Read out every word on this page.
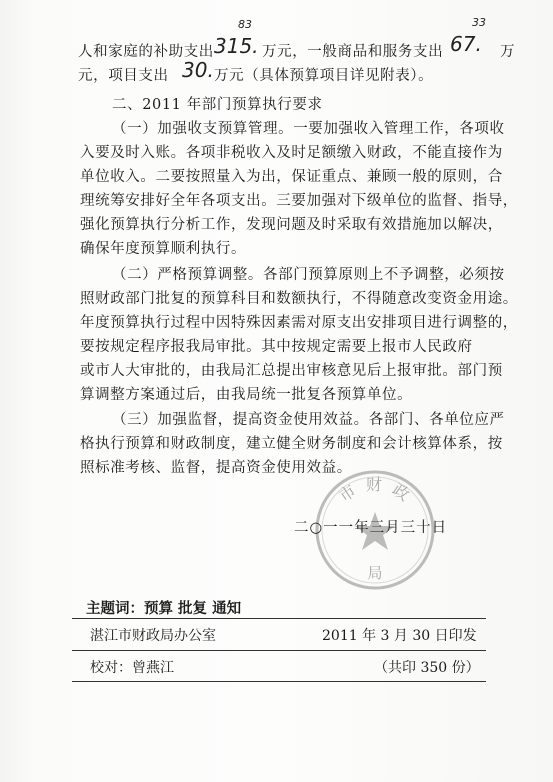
人和家庭的补助支出 315.
83
万元，一般商品和服务支出 67.
33
万
元，项目支出 30. 万元（具体预算项目详见附表）。
二、2011 年部门预算执行要求
（一）加强收支预算管理。一要加强收入管理工作，各项收
入要及时入账。各项非税收入及时足额缴入财政，不能直接作为
单位收入。二要按照量入为出，保证重点、兼顾一般的原则，合
理统筹安排好全年各项支出。三要加强对下级单位的监督、指导，
强化预算执行分析工作，发现问题及时采取有效措施加以解决，
确保年度预算顺利执行。
（二）严格预算调整。各部门预算原则上不予调整，必须按
照财政部门批复的预算科目和数额执行，不得随意改变资金用途。
年度预算执行过程中因特殊因素需对原支出安排项目进行调整的，
要按规定程序报我局审批。其中按规定需要上报市人民政府
或市人大审批的，由我局汇总提出审核意见后上报审批。部门预
算调整方案通过后，由我局统一批复各预算单位。
（三）加强监督，提高资金使用效益。各部门、各单位应严
格执行预算和财政制度，建立健全财务制度和会计核算体系，按
照标准考核、监督，提高资金使用效益。
市 财 政
局
二○一一年三月三十日
主题词：预算 批复 通知
湛江市财政局办公室	2011 年 3 月 30 日印发
校对：曾燕江	（共印 350 份）
